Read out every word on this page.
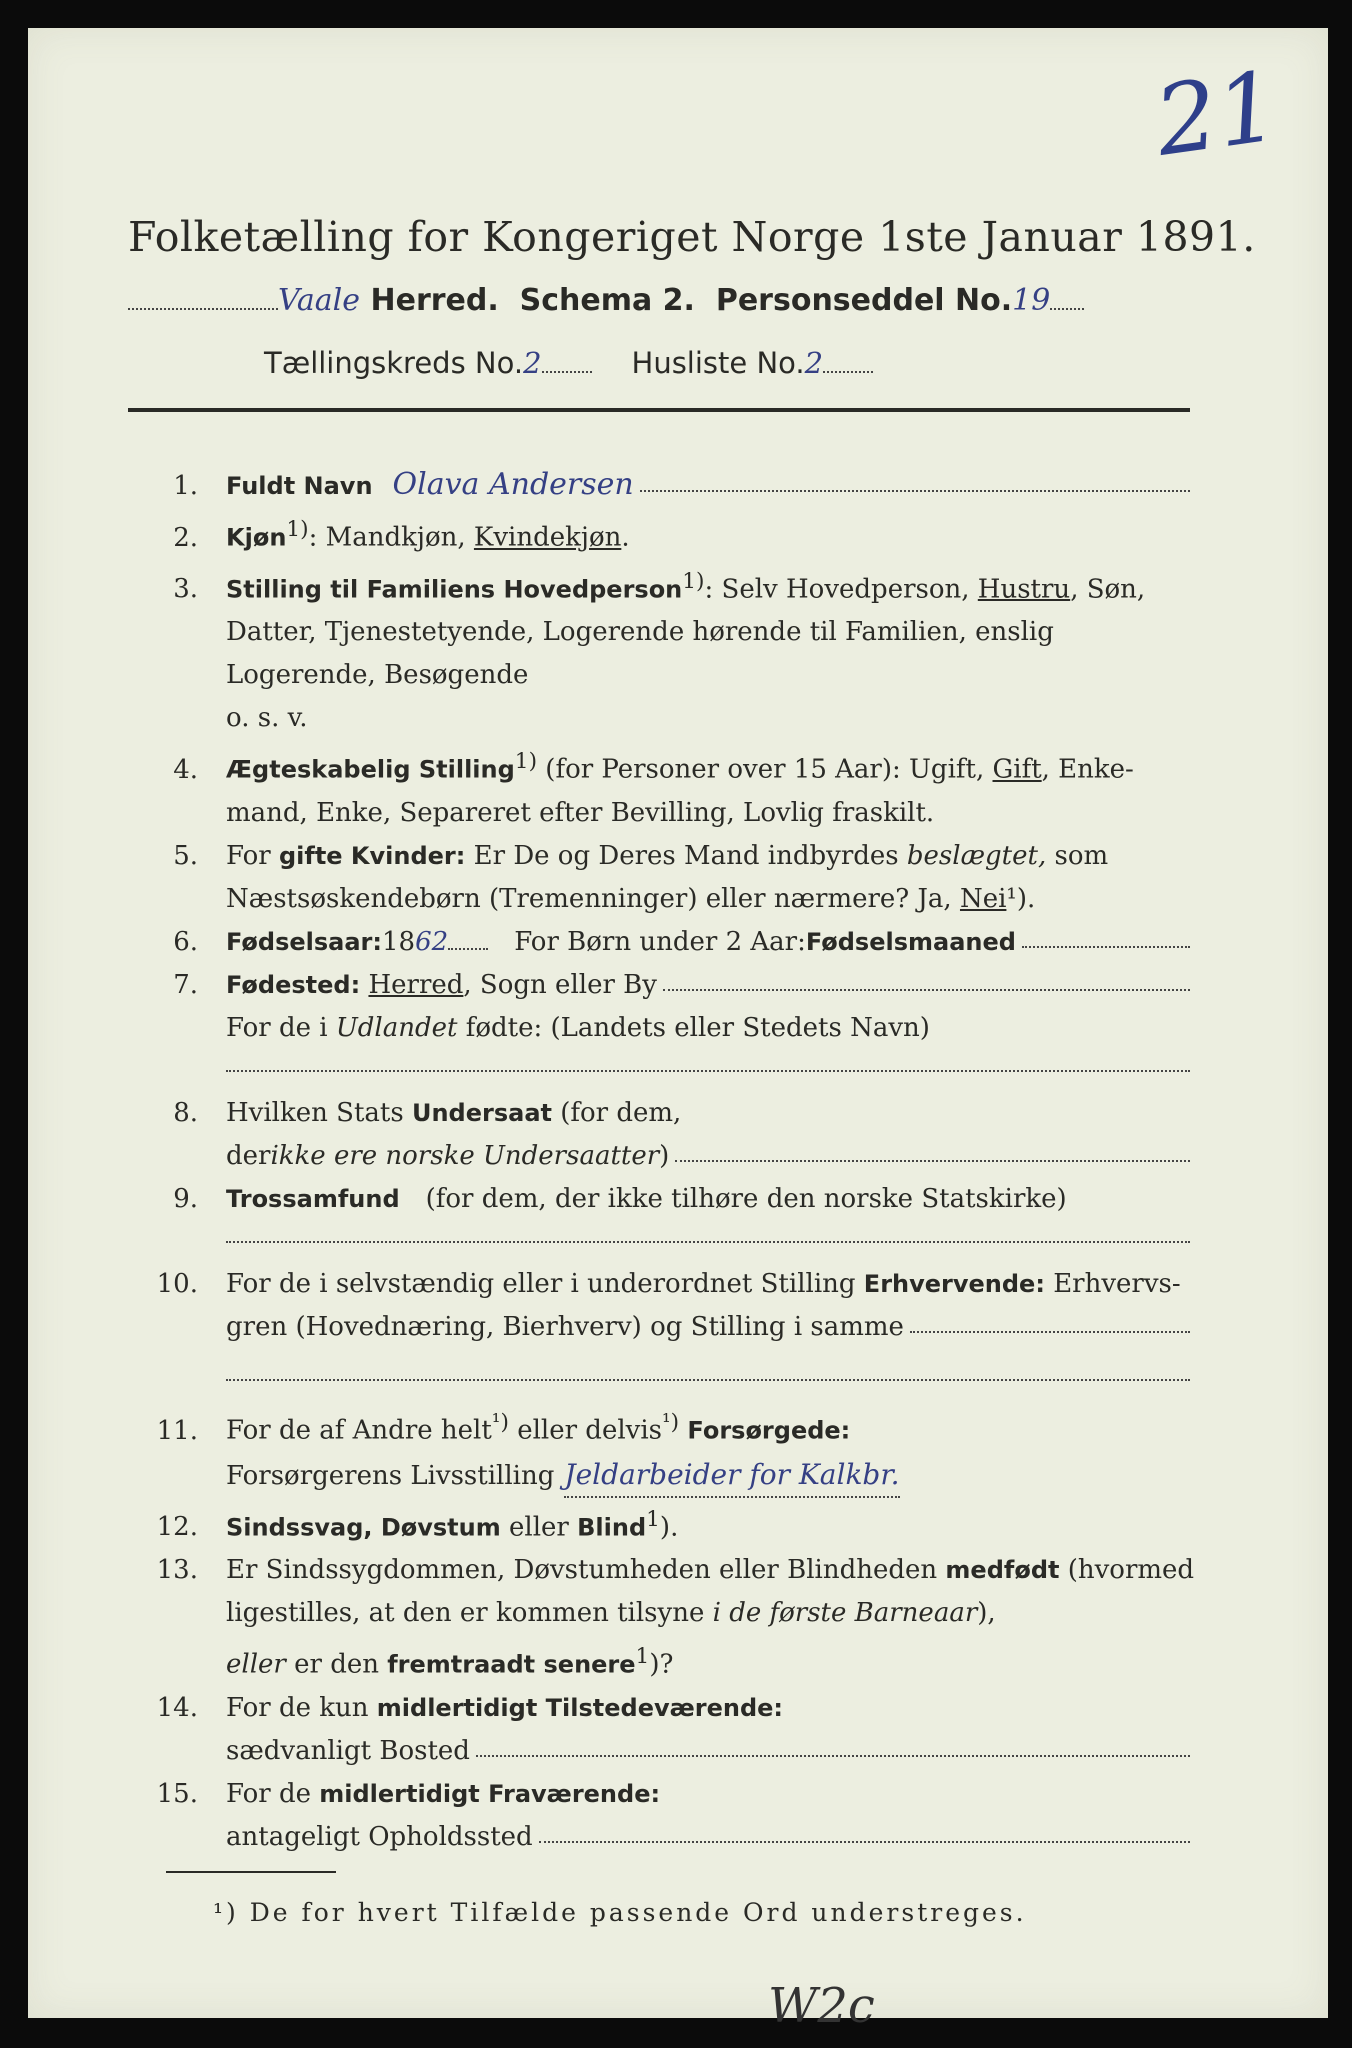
21
Folketælling for Kongeriget Norge 1ste Januar 1891.
Vaale
Herred.
Schema 2.
Personseddel No. 19
Tællingskreds No. 2	Husliste No. 2
1.	Fuldt Navn Olava Andersen
2.	Kjøn$^{1)}$: Mandkjøn, Kvindekjøn.
3.	Stilling til Familiens Hovedperson$^{1)}$: Selv Hovedperson, Hustru, Søn,
Datter, Tjenestetyende, Logerende hørende til Familien, enslig
Logerende, Besøgende
o. s. v.
4.	Ægteskabelig Stilling$^{1)}$ (for Personer over 15 Aar): Ugift, Gift, Enke-
mand, Enke, Separeret efter Bevilling, Lovlig fraskilt.
5.	For gifte Kvinder: Er De og Deres Mand indbyrdes beslægtet, som
Næstsøskendebørn (Tremenninger) eller nærmere? Ja, Nei¹).
6.	Fødselsaar: 18 62	For Børn under 2 Aar: Fødselsmaaned
7.	Fødested:
Herred , Sogn eller By
For de i Udlandet fødte: (Landets eller Stedets Navn)
8.	Hvilken Stats Undersaat (for dem,
der ikke ere norske Undersaatter )
9.	Trossamfund (for dem, der ikke tilhøre den norske Statskirke)
10.	For de i selvstændig eller i underordnet Stilling Erhvervende: Erhvervs-
gren (Hovednæring, Bierhverv) og Stilling i samme
11.	For de af Andre helt$^{^1)}$ eller delvis$^{^1)}$ Forsørgede:
Forsørgerens Livsstilling Jeldarbeider for Kalkbr.
12.	Sindssvag, Døvstum eller Blind$^1$).
13.	Er Sindssygdommen, Døvstumheden eller Blindheden medfødt (hvormed
ligestilles, at den er kommen tilsyne i de første Barneaar),
eller er den fremtraadt senere$^1$)?
14.	For de kun midlertidigt Tilstedeværende:
sædvanligt Bosted
15.	For de midlertidigt Fraværende:
antageligt Opholdssted
¹) De for hvert Tilfælde passende Ord understreges.
W2c
